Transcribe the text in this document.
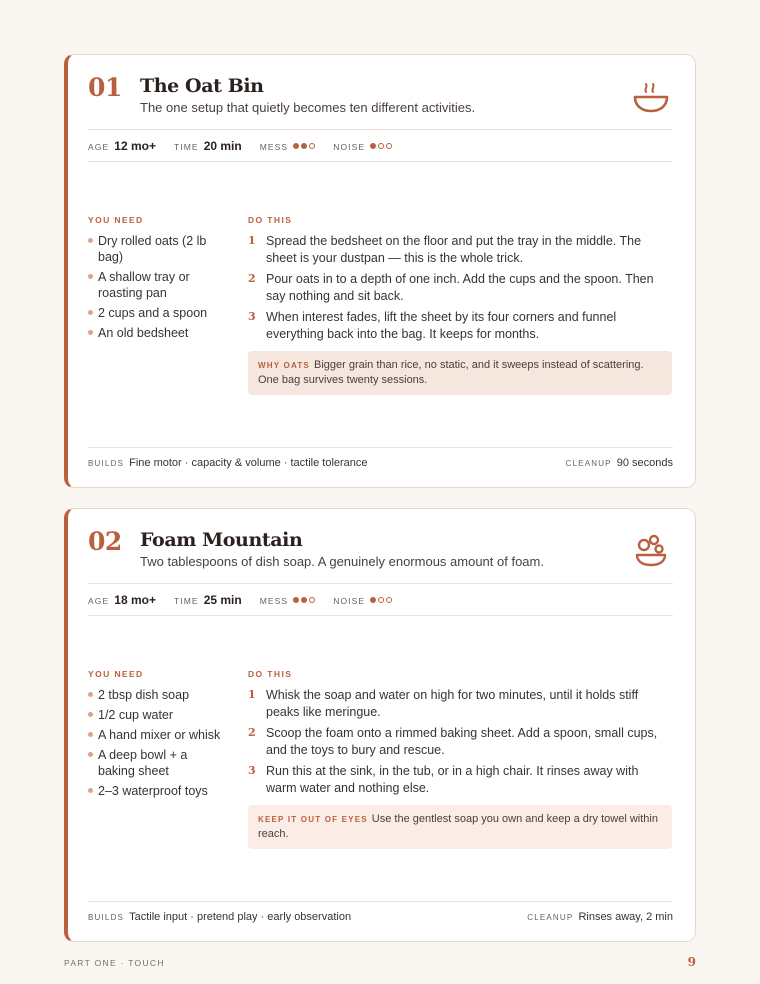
01 The Oat Bin
The one setup that quietly becomes ten different activities.
AGE 12 mo+ TIME 20 min MESS	NOISE
YOU NEED	DO THIS
Dry rolled oats (2 lb bag)
A shallow tray or roasting pan
2 cups and a spoon
An old bedsheet
1 Spread the bedsheet on the floor and put the tray in the middle. The sheet is your dustpan — this is the whole trick.
2 Pour oats in to a depth of one inch. Add the cups and the spoon. Then say nothing and sit back.
3 When interest fades, lift the sheet by its four corners and funnel everything back into the bag. It keeps for months.
WHY OATS Bigger grain than rice, no static, and it sweeps instead of scattering. One bag survives twenty sessions.
BUILDS Fine motor · capacity & volume · tactile tolerance	CLEANUP 90 seconds
02 Foam Mountain
Two tablespoons of dish soap. A genuinely enormous amount of foam.
AGE 18 mo+ TIME 25 min MESS	NOISE
YOU NEED	DO THIS
2 tbsp dish soap
1/2 cup water
A hand mixer or whisk
A deep bowl + a baking sheet
2–3 waterproof toys
1 Whisk the soap and water on high for two minutes, until it holds stiff peaks like meringue.
2 Scoop the foam onto a rimmed baking sheet. Add a spoon, small cups, and the toys to bury and rescue.
3 Run this at the sink, in the tub, or in a high chair. It rinses away with warm water and nothing else.
KEEP IT OUT OF EYES Use the gentlest soap you own and keep a dry towel within reach.
BUILDS Tactile input · pretend play · early observation	CLEANUP Rinses away, 2 min
PART ONE · TOUCH	9
